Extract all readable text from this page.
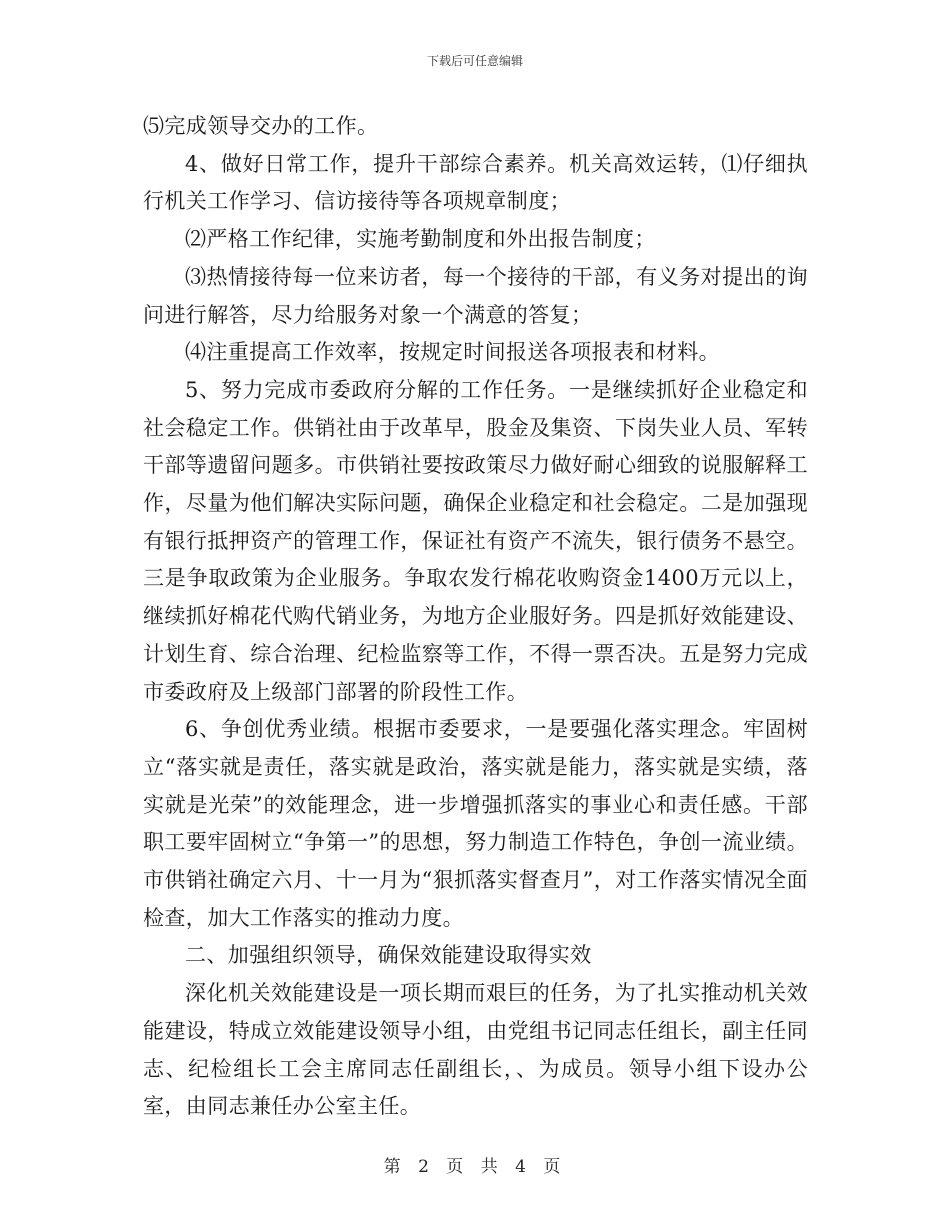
下载后可任意编辑

⑸完成领导交办的工作。

4、做好日常工作，提升干部综合素养。机关高效运转，⑴仔细执行机关工作学习、信访接待等各项规章制度；

⑵严格工作纪律，实施考勤制度和外出报告制度；

⑶热情接待每一位来访者，每一个接待的干部，有义务对提出的询问进行解答，尽力给服务对象一个满意的答复；

⑷注重提高工作效率，按规定时间报送各项报表和材料。

5、努力完成市委政府分解的工作任务。一是继续抓好企业稳定和社会稳定工作。供销社由于改革早，股金及集资、下岗失业人员、军转干部等遗留问题多。市供销社要按政策尽力做好耐心细致的说服解释工作，尽量为他们解决实际问题，确保企业稳定和社会稳定。二是加强现有银行抵押资产的管理工作，保证社有资产不流失，银行债务不悬空。三是争取政策为企业服务。争取农发行棉花收购资金1400万元以上，继续抓好棉花代购代销业务，为地方企业服好务。四是抓好效能建设、计划生育、综合治理、纪检监察等工作，不得一票否决。五是努力完成市委政府及上级部门部署的阶段性工作。

6、争创优秀业绩。根据市委要求，一是要强化落实理念。牢固树立“落实就是责任，落实就是政治，落实就是能力，落实就是实绩，落实就是光荣”的效能理念，进一步增强抓落实的事业心和责任感。干部职工要牢固树立“争第一”的思想，努力制造工作特色，争创一流业绩。市供销社确定六月、十一月为“狠抓落实督查月”，对工作落实情况全面检查，加大工作落实的推动力度。

二、加强组织领导，确保效能建设取得实效

深化机关效能建设是一项长期而艰巨的任务，为了扎实推动机关效能建设，特成立效能建设领导小组，由党组书记同志任组长，副主任同志、纪检组长工会主席同志任副组长，、为成员。领导小组下设办公室，由同志兼任办公室主任。

第 2 页 共 4 页
